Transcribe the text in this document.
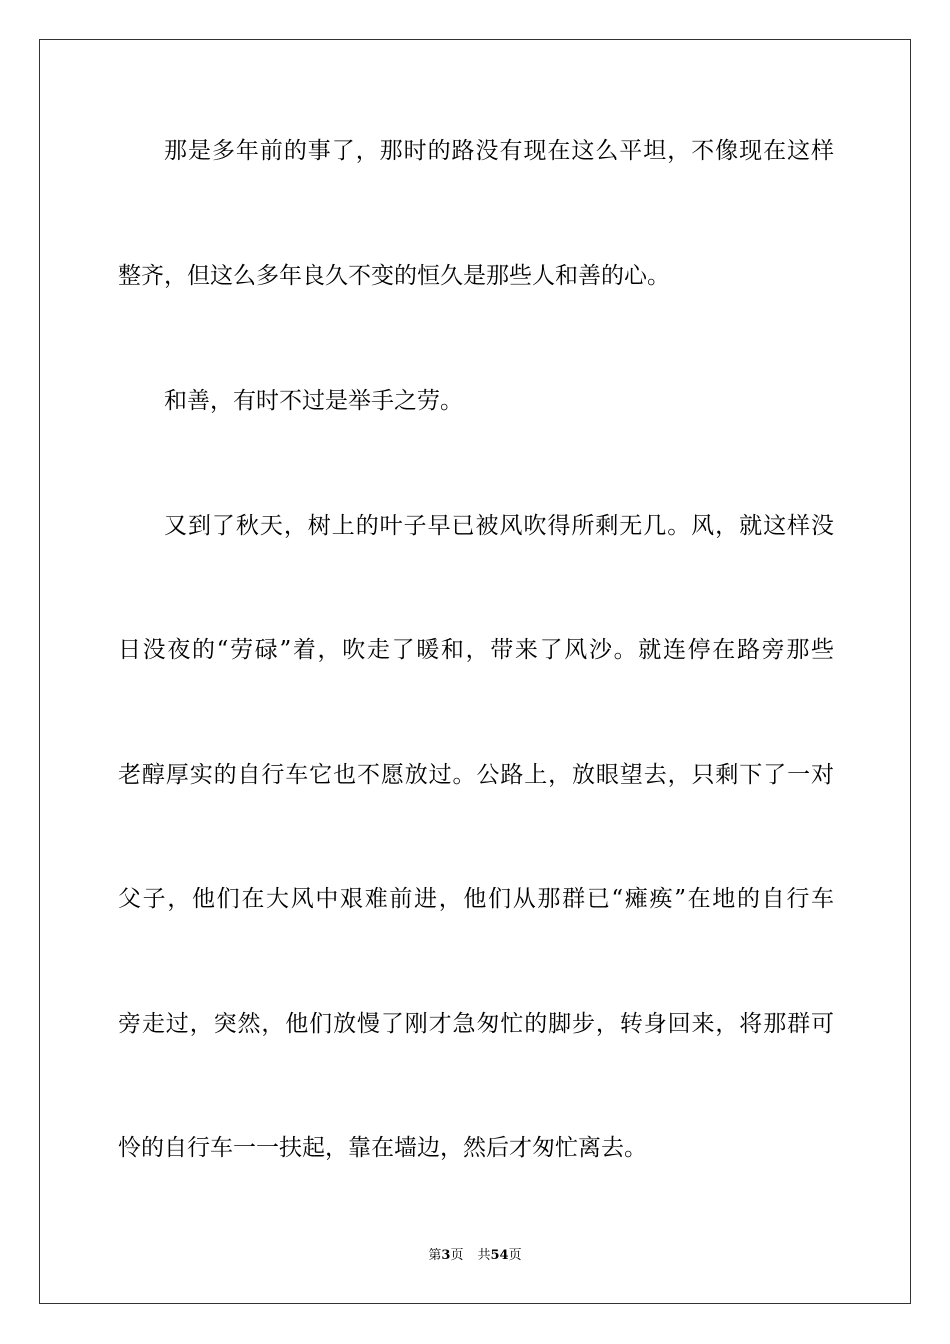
那是多年前的事了，那时的路没有现在这么平坦，不像现在这样
整齐，但这么多年良久不变的恒久是那些人和善的心。
和善，有时不过是举手之劳。
又到了秋天，树上的叶子早已被风吹得所剩无几。风，就这样没
日没夜的“劳碌”着，吹走了暖和，带来了风沙。就连停在路旁那些
老醇厚实的自行车它也不愿放过。公路上，放眼望去，只剩下了一对
父子，他们在大风中艰难前进，他们从那群已“瘫痪”在地的自行车
旁走过，突然，他们放慢了刚才急匆忙的脚步，转身回来，将那群可
怜的自行车一一扶起，靠在墙边，然后才匆忙离去。
第3页 共54页
